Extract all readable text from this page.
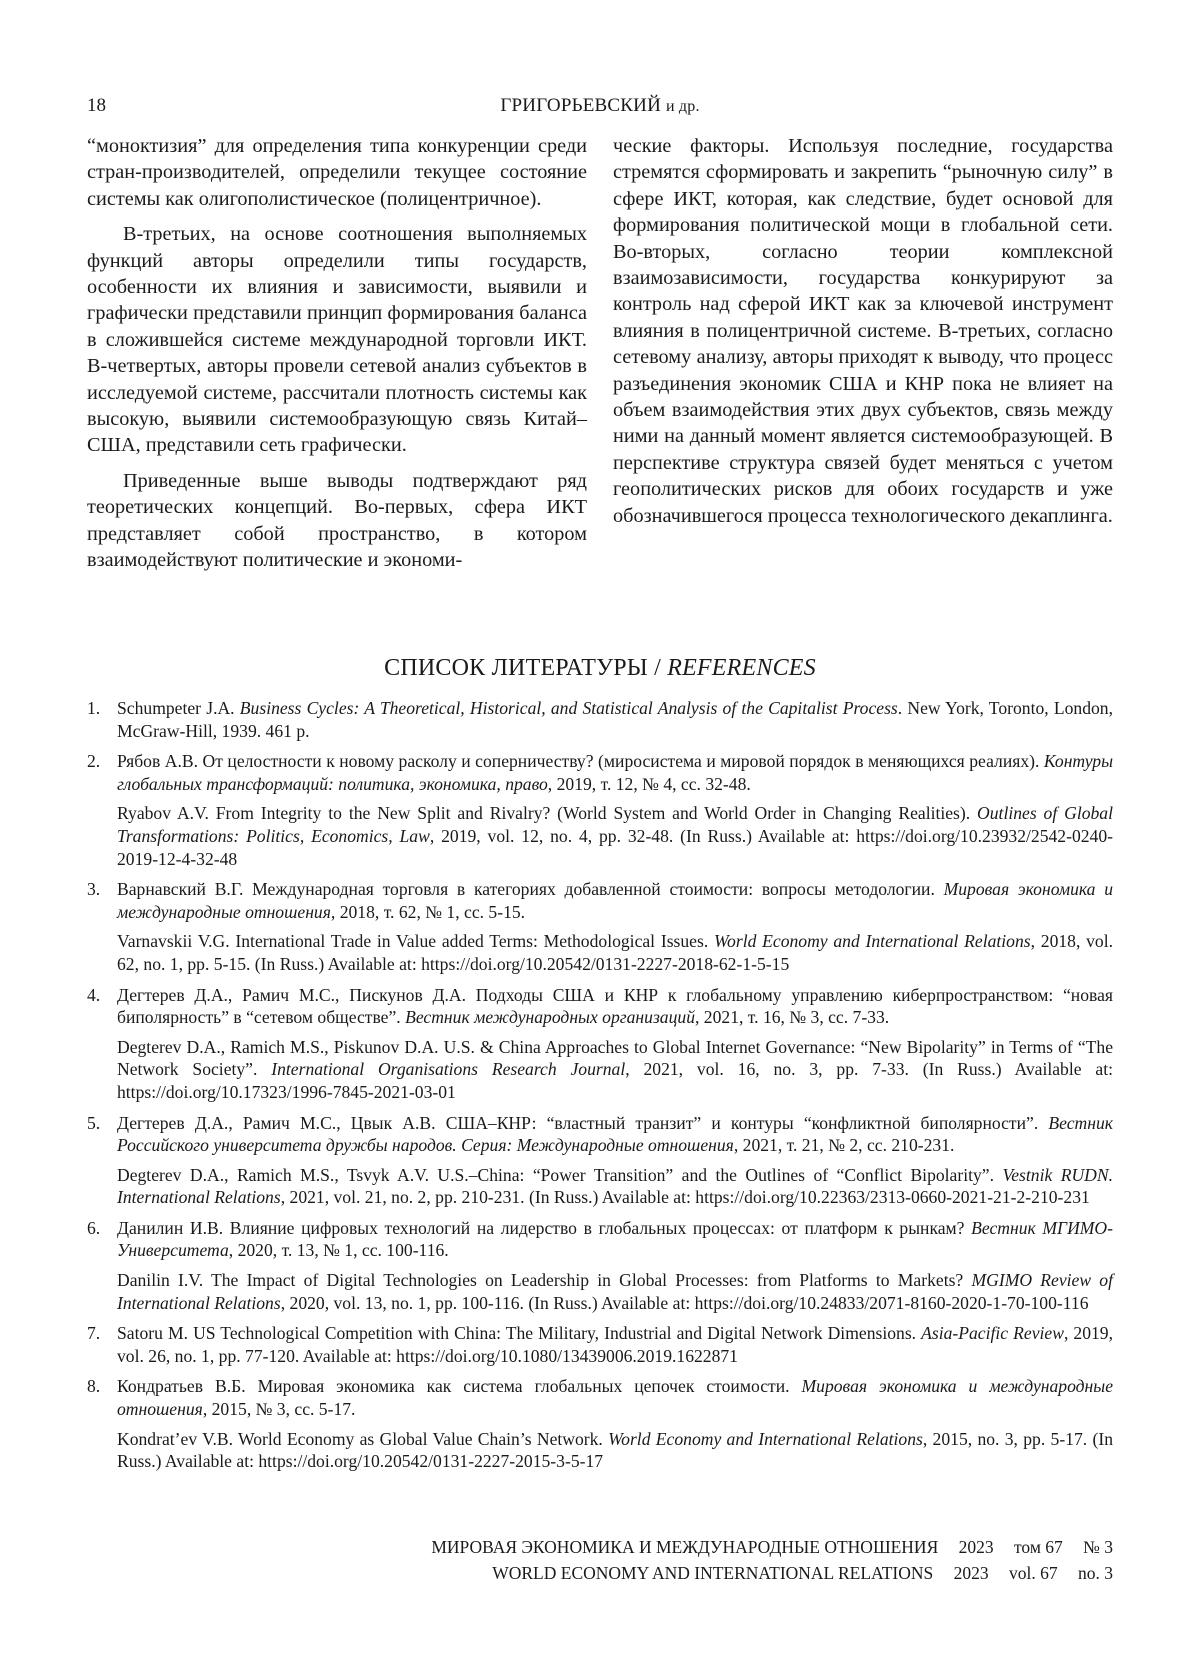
18	ГРИГОРЬЕВСКИЙ и др.

“моноктизия” для определения типа конкуренции среди стран-производителей, определили текущее состояние системы как олигополистическое (полицентричное).

В-третьих, на основе соотношения выполняемых функций авторы определили типы государств, особенности их влияния и зависимости, выявили и графически представили принцип формирования баланса в сложившейся системе международной торговли ИКТ. В-четвертых, авторы провели сетевой анализ субъектов в исследуемой системе, рассчитали плотность системы как высокую, выявили системообразующую связь Китай–США, представили сеть графически.

Приведенные выше выводы подтверждают ряд теоретических концепций. Во-первых, сфера ИКТ представляет собой пространство, в котором взаимодействуют политические и экономи-

ческие факторы. Используя последние, государства стремятся сформировать и закрепить “рыночную силу” в сфере ИКТ, которая, как следствие, будет основой для формирования политической мощи в глобальной сети. Во-вторых, согласно теории комплексной взаимозависимости, государства конкурируют за контроль над сферой ИКТ как за ключевой инструмент влияния в полицентричной системе. В-третьих, согласно сетевому анализу, авторы приходят к выводу, что процесс разъединения экономик США и КНР пока не влияет на объем взаимодействия этих двух субъектов, связь между ними на данный момент является системообразующей. В перспективе структура связей будет меняться с учетом геополитических рисков для обоих государств и уже обозначившегося процесса технологического декаплинга.

СПИСОК ЛИТЕРАТУРЫ / REFERENCES
1. Schumpeter J.A. Business Cycles: A Theoretical, Historical, and Statistical Analysis of the Capitalist Process. New York, Toronto, London, McGraw-Hill, 1939. 461 p.
2. Рябов А.В. От целостности к новому расколу и соперничеству? (миросистема и мировой порядок в меняющихся реалиях). Контуры глобальных трансформаций: политика, экономика, право, 2019, т. 12, № 4, сс. 32-48.
Ryabov A.V. From Integrity to the New Split and Rivalry? (World System and World Order in Changing Realities). Outlines of Global Transformations: Politics, Economics, Law, 2019, vol. 12, no. 4, pp. 32-48. (In Russ.) Available at: https://doi.org/10.23932/2542-0240-2019-12-4-32-48
3. Варнавский В.Г. Международная торговля в категориях добавленной стоимости: вопросы методологии. Мировая экономика и международные отношения, 2018, т. 62, № 1, сс. 5-15.
Varnavskii V.G. International Trade in Value added Terms: Methodological Issues. World Economy and International Relations, 2018, vol. 62, no. 1, pp. 5-15. (In Russ.) Available at: https://doi.org/10.20542/0131-2227-2018-62-1-5-15
4. Дегтерев Д.А., Рамич М.С., Пискунов Д.А. Подходы США и КНР к глобальному управлению киберпространством: “новая биполярность” в “сетевом обществе”. Вестник международных организаций, 2021, т. 16, № 3, сс. 7-33.
Degterev D.A., Ramich M.S., Piskunov D.A. U.S. & China Approaches to Global Internet Governance: “New Bipolarity” in Terms of “The Network Society”. International Organisations Research Journal, 2021, vol. 16, no. 3, pp. 7-33. (In Russ.) Available at: https://doi.org/10.17323/1996-7845-2021-03-01
5. Дегтерев Д.А., Рамич М.С., Цвык А.В. США–КНР: “властный транзит” и контуры “конфликтной биполярности”. Вестник Российского университета дружбы народов. Серия: Международные отношения, 2021, т. 21, № 2, сс. 210-231.
Degterev D.A., Ramich M.S., Tsvyk A.V. U.S.–China: “Power Transition” and the Outlines of “Conflict Bipolarity”. Vestnik RUDN. International Relations, 2021, vol. 21, no. 2, pp. 210-231. (In Russ.) Available at: https://doi.org/10.22363/2313-0660-2021-21-2-210-231
6. Данилин И.В. Влияние цифровых технологий на лидерство в глобальных процессах: от платформ к рынкам? Вестник МГИМО-Университета, 2020, т. 13, № 1, сс. 100-116.
Danilin I.V. The Impact of Digital Technologies on Leadership in Global Processes: from Platforms to Markets? MGIMO Review of International Relations, 2020, vol. 13, no. 1, pp. 100-116. (In Russ.) Available at: https://doi.org/10.24833/2071-8160-2020-1-70-100-116
7. Satoru M. US Technological Competition with China: The Military, Industrial and Digital Network Dimensions. Asia-Pacific Review, 2019, vol. 26, no. 1, pp. 77-120. Available at: https://doi.org/10.1080/13439006.2019.1622871
8. Кондратьев В.Б. Мировая экономика как система глобальных цепочек стоимости. Мировая экономика и международные отношения, 2015, № 3, сс. 5-17.
Kondrat’ev V.B. World Economy as Global Value Chain’s Network. World Economy and International Relations, 2015, no. 3, pp. 5-17. (In Russ.) Available at: https://doi.org/10.20542/0131-2227-2015-3-5-17
МИРОВАЯ ЭКОНОМИКА И МЕЖДУНАРОДНЫЕ ОТНОШЕНИЯ 2023 том 67 № 3
WORLD ECONOMY AND INTERNATIONAL RELATIONS 2023 vol. 67 no. 3
